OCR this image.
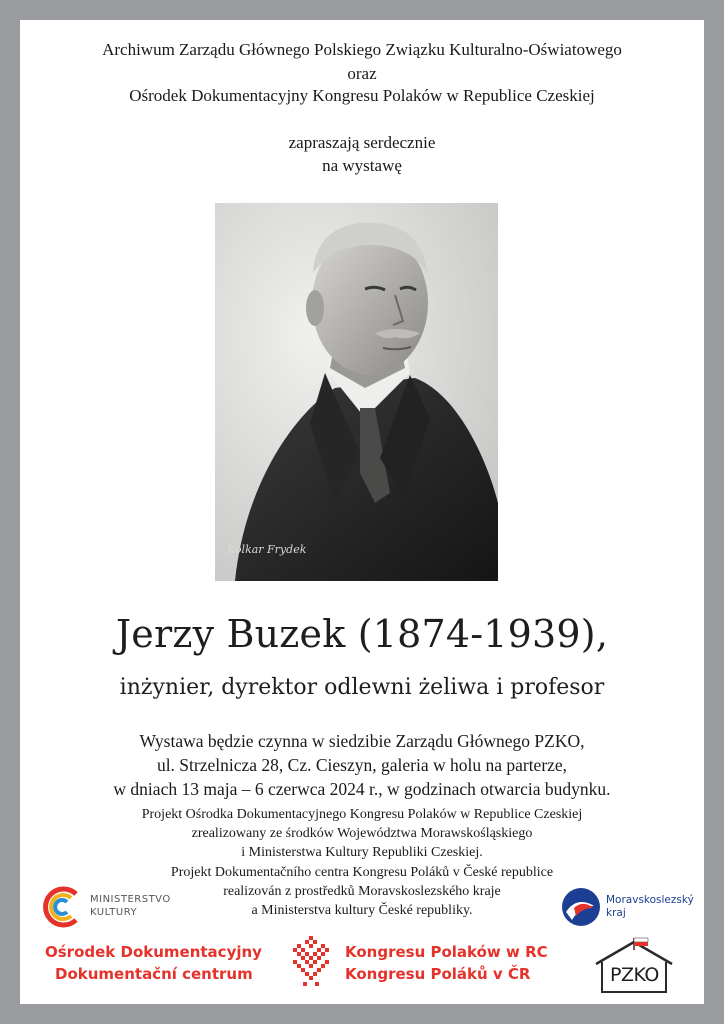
Archiwum Zarządu Głównego Polskiego Związku Kulturalno-Oświatowego
oraz
Ośrodek Dokumentacyjny Kongresu Polaków w Republice Czeskiej
zapraszają serdecznie
na wystawę
Kolkar Frydek
Jerzy Buzek (1874-1939),
inżynier, dyrektor odlewni żeliwa i profesor
Wystawa będzie czynna w siedzibie Zarządu Głównego PZKO,
ul. Strzelnicza 28, Cz. Cieszyn, galeria w holu na parterze,
w dniach 13 maja – 6 czerwca 2024 r., w godzinach otwarcia budynku.
Projekt Ośrodka Dokumentacyjnego Kongresu Polaków w Republice Czeskiej
zrealizowany ze środków Województwa Morawskośląskiego
i Ministerstwa Kultury Republiki Czeskiej.
Projekt Dokumentačního centra Kongresu Poláků v České republice
realizován z prostředků Moravskoslezského kraje
a Ministerstva kultury České republiky.
MINISTERSTVO
KULTURY
Moravskoslezský
kraj
Ośrodek Dokumentacyjny
Dokumentační centrum
Kongresu Polaków w RC
Kongresu Poláků v ČR	PZKO
